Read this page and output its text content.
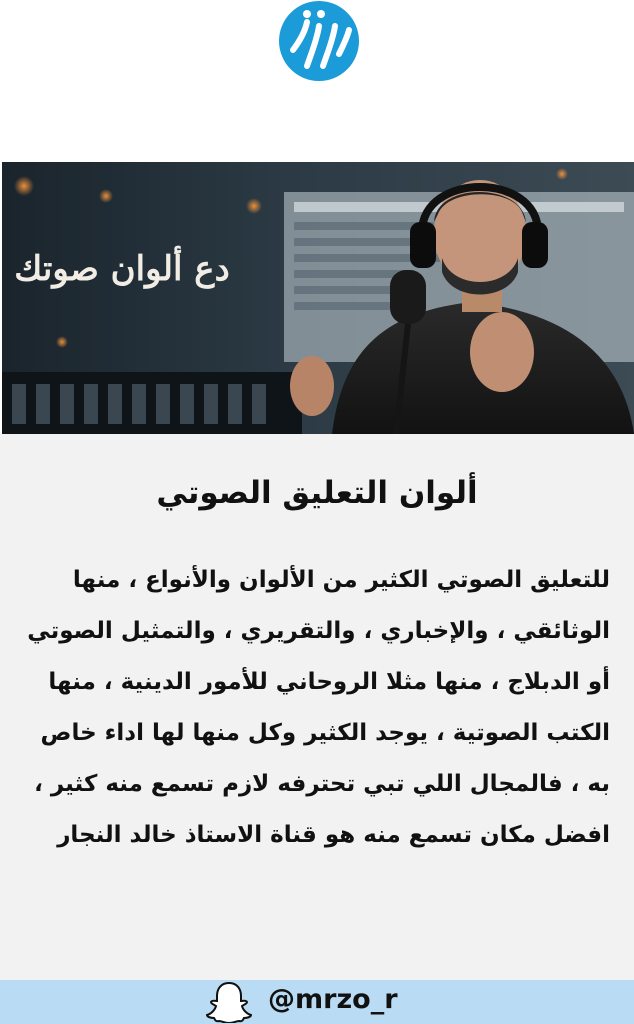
دع ألوان صوتك
ألوان التعليق الصوتي

للتعليق الصوتي الكثير من الألوان والأنواع ، منها
الوثائقي ، والإخباري ، والتقريري ، والتمثيل الصوتي
أو الدبلاج ، منها مثلا الروحاني للأمور الدينية ، منها
الكتب الصوتية ، يوجد الكثير وكل منها لها اداء خاص
به ، فالمجال اللي تبي تحترفه لازم تسمع منه كثير ،
افضل مكان تسمع منه هو قناة الاستاذ خالد النجار

@mrzo_r
